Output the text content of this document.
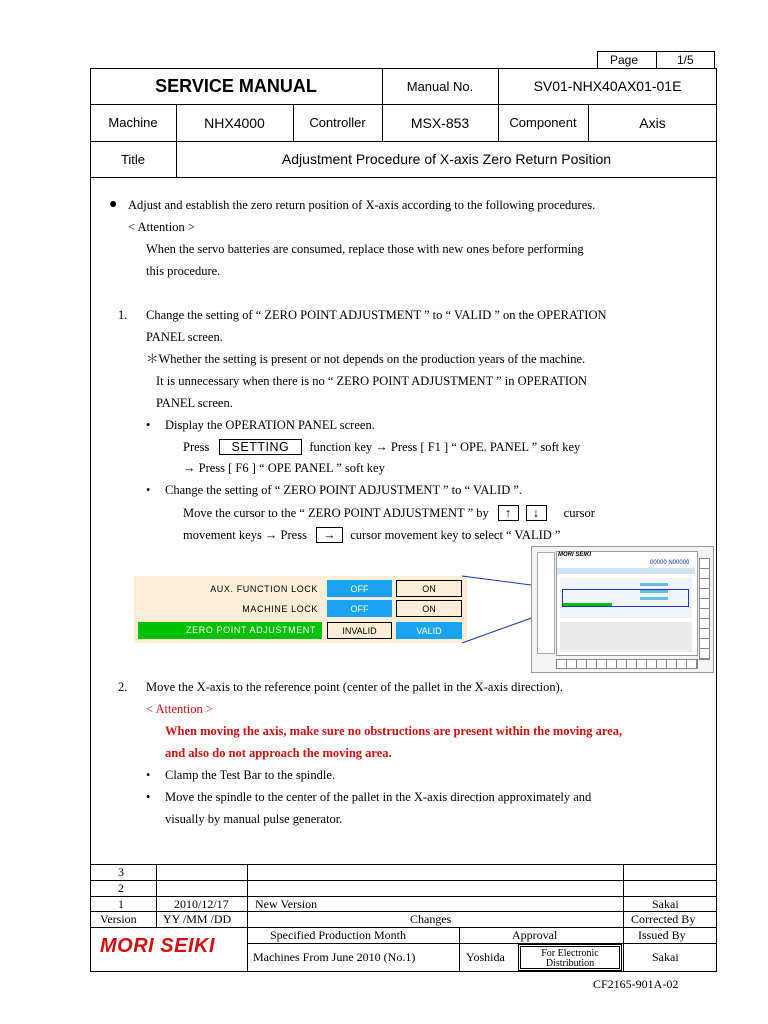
Page	1/5
SERVICE MANUAL	Manual No.	SV01-NHX40AX01-01E
Machine	NHX4000	Controller	MSX-853	Component	Axis
Title	Adjustment Procedure of X-axis Zero Return Position
● Adjust and establish the zero return position of X-axis according to the following procedures.
< Attention >
When the servo batteries are consumed, replace those with new ones before performing
this procedure.
1. Change the setting of “ ZERO POINT ADJUSTMENT ” to “ VALID ” on the OPERATION
PANEL screen.
＊Whether the setting is present or not depends on the production years of the machine.
It is unnecessary when there is no “ ZERO POINT ADJUSTMENT ” in OPERATION
PANEL screen.
• Display the OPERATION PANEL screen.
Press SETTING function key → Press [ F1 ] “ OPE. PANEL ” soft key
→ Press [ F6 ] “ OPE PANEL ” soft key
• Change the setting of “ ZERO POINT ADJUSTMENT ” to “ VALID ”.
Move the cursor to the “ ZERO POINT ADJUSTMENT ” by ↑ ↓ cursor
movement keys → Press → cursor movement key to select “ VALID ”
AUX. FUNCTION LOCK	OFF	ON
MACHINE LOCK	OFF	ON
ZERO POINT ADJUSTMENT	INVALID	VALID
MORI SEIKI
00000 N00000
2. Move the X-axis to the reference point (center of the pallet in the X-axis direction).
< Attention >
When moving the axis, make sure no obstructions are present within the moving area,
and also do not approach the moving area.
• Clamp the Test Bar to the spindle.
• Move the spindle to the center of the pallet in the X-axis direction approximately and
visually by manual pulse generator.
3
2
1	2010/12/17 New Version	Sakai
Version YY /MM /DD	Changes	Corrected By
Specified Production Month	Approval	Issued By
Machines From June 2010 (No.1)	Yoshida	Sakai
For Electronic
Distribution
MORI SEIKI
CF2165-901A-02
